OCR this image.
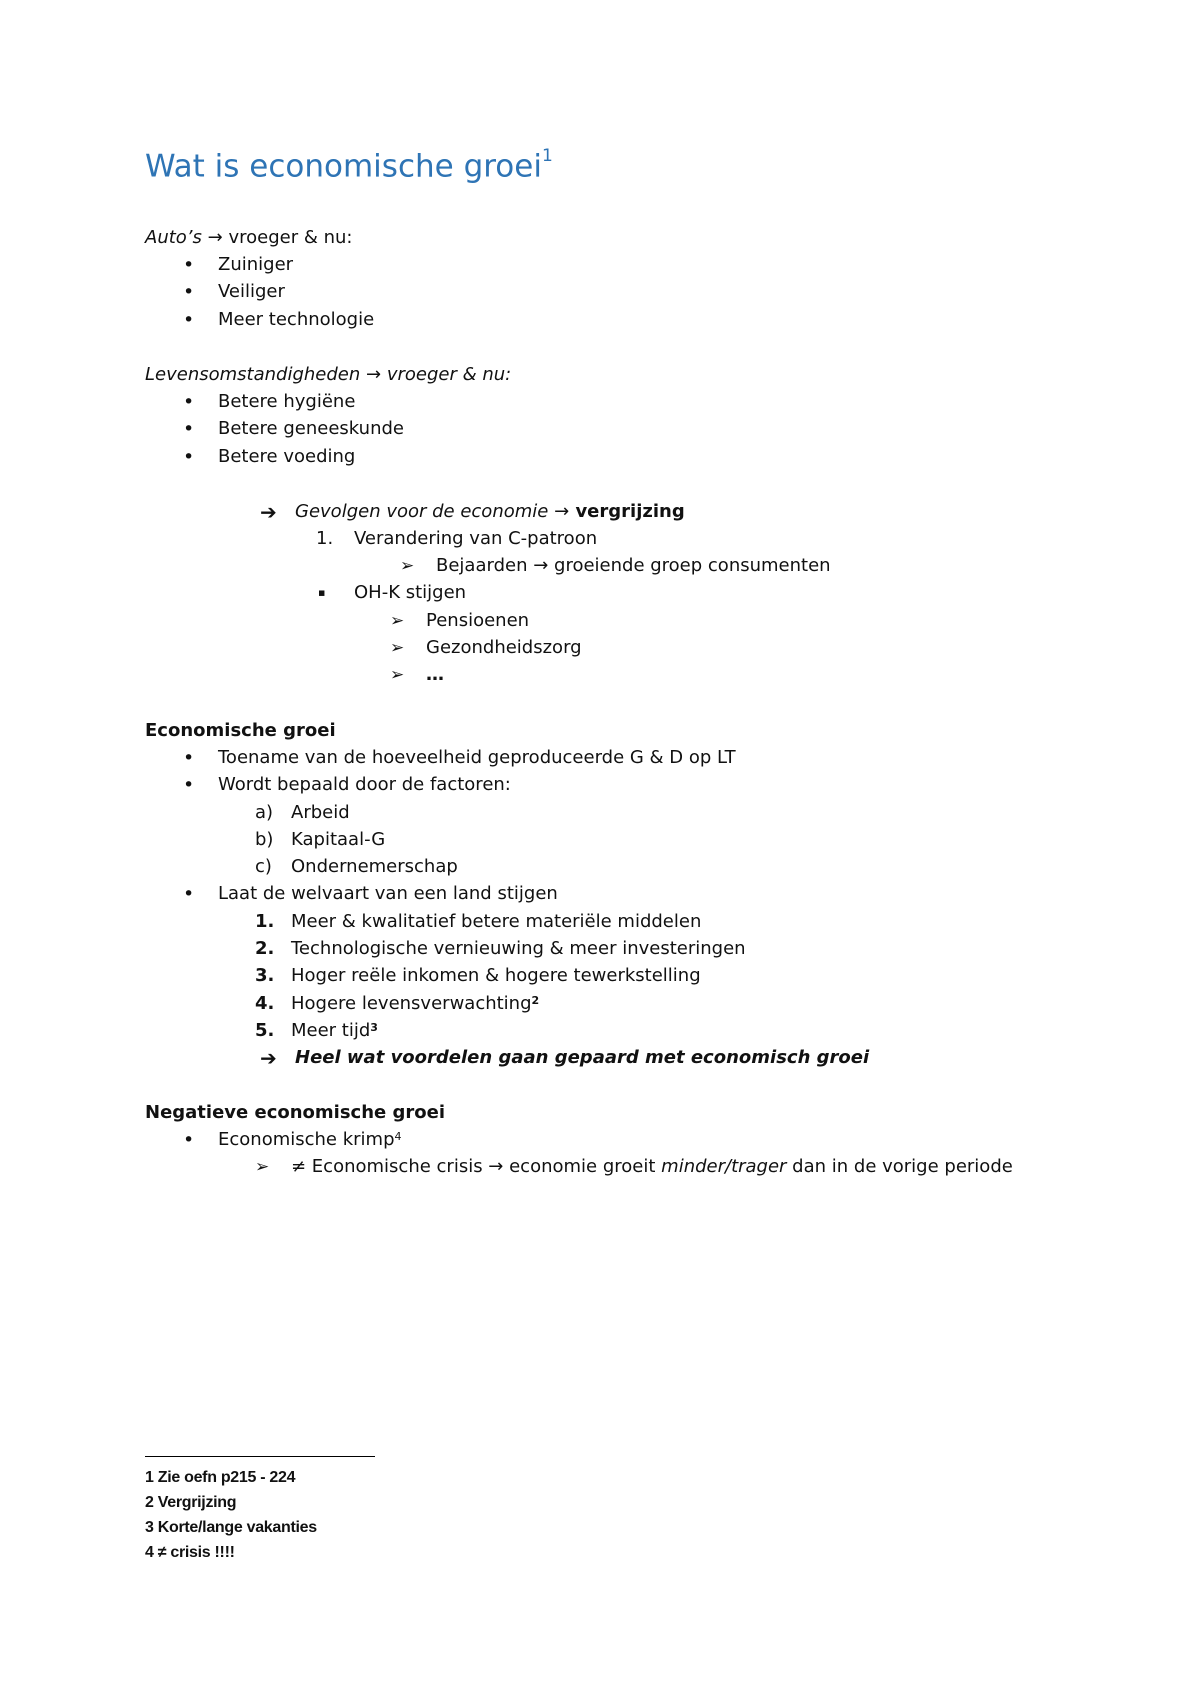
Wat is economische groei$^1$
Auto’s → vroeger & nu:
• Zuiniger
• Veiliger
• Meer technologie
Levensomstandigheden → vroeger & nu:
• Betere hygiëne
• Betere geneeskunde
• Betere voeding
➔ Gevolgen voor de economie → vergrijzing
1. Verandering van C-patroon
➢ Bejaarden → groeiende groep consumenten
▪ OH-K stijgen
➢ Pensioenen
➢ Gezondheidszorg
➢ …
Economische groei
• Toename van de hoeveelheid geproduceerde G & D op LT
• Wordt bepaald door de factoren:
a) Arbeid
b) Kapitaal-G
c) Ondernemerschap
• Laat de welvaart van een land stijgen
1. Meer & kwalitatief betere materiële middelen
2. Technologische vernieuwing & meer investeringen
3. Hoger reële inkomen & hogere tewerkstelling
4. Hogere levensverwachting$^2$
5. Meer tijd$^3$
➔ Heel wat voordelen gaan gepaard met economisch groei
Negatieve economische groei
• Economische krimp$^4$
➢ ≠ Economische crisis → economie groeit minder/trager dan in de vorige periode
1 Zie oefn p215 - 224
2 Vergrijzing
3 Korte/lange vakanties
4 ≠ crisis !!!!
